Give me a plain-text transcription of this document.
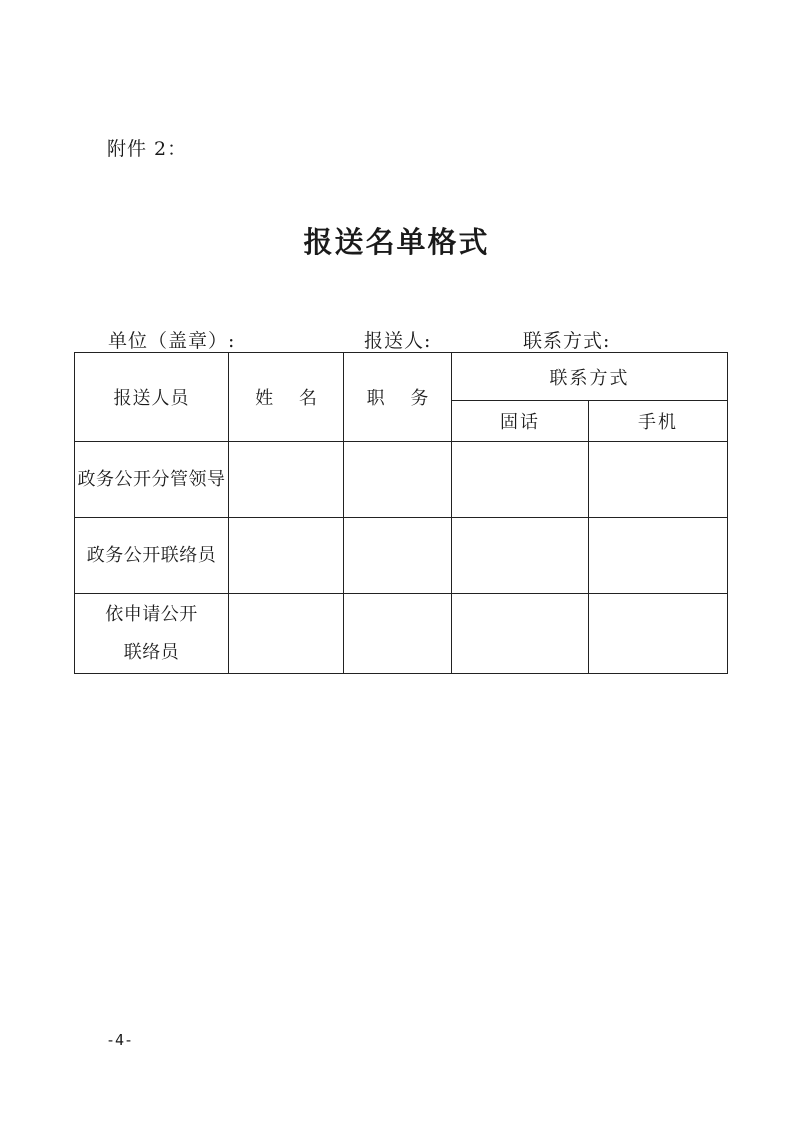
附件 2：
报送名单格式
单位（盖章）:	报送人:	联系方式:
报送人员	姓 名	职 务	联系方式	
			固话	手机

政务公开分管领导				

政务公开联络员				

依申请公开
联络员				

-4-
